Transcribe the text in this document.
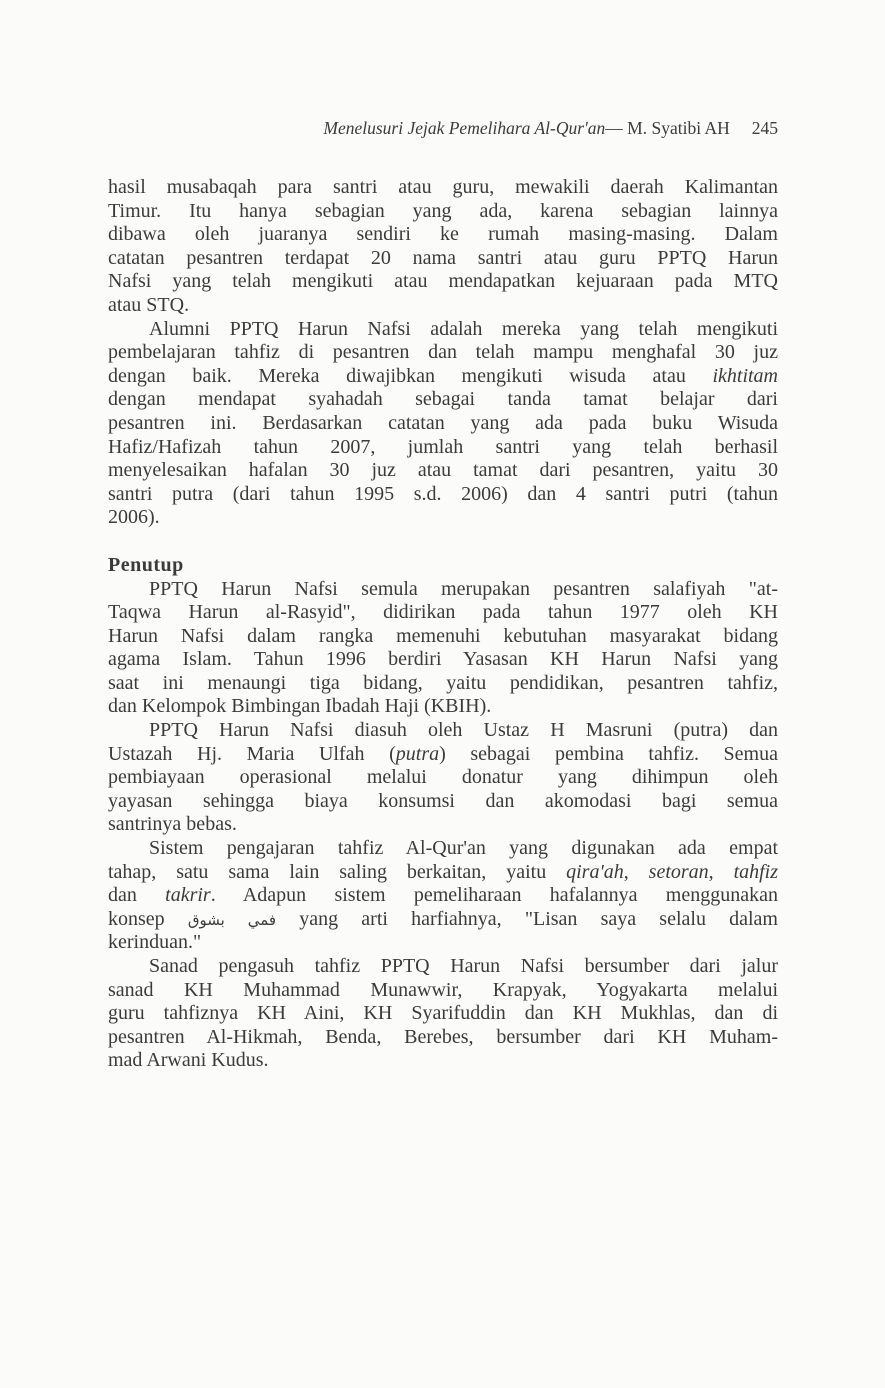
Menelusuri Jejak Pemelihara Al-Qur'an — M. Syatibi AH 245
hasil musabaqah para santri atau guru, mewakili daerah Kalimantan
Timur. Itu hanya sebagian yang ada, karena sebagian lainnya
dibawa oleh juaranya sendiri ke rumah masing-masing. Dalam
catatan pesantren terdapat 20 nama santri atau guru PPTQ Harun
Nafsi yang telah mengikuti atau mendapatkan kejuaraan pada MTQ
atau STQ.
Alumni PPTQ Harun Nafsi adalah mereka yang telah mengikuti
pembelajaran tahfiz di pesantren dan telah mampu menghafal 30 juz
dengan baik. Mereka diwajibkan mengikuti wisuda atau ikhtitam
dengan mendapat syahadah sebagai tanda tamat belajar dari
pesantren ini. Berdasarkan catatan yang ada pada buku Wisuda
Hafiz/Hafizah tahun 2007, jumlah santri yang telah berhasil
menyelesaikan hafalan 30 juz atau tamat dari pesantren, yaitu 30
santri putra (dari tahun 1995 s.d. 2006) dan 4 santri putri (tahun
2006).
Penutup
PPTQ Harun Nafsi semula merupakan pesantren salafiyah "at-
Taqwa Harun al-Rasyid", didirikan pada tahun 1977 oleh KH
Harun Nafsi dalam rangka memenuhi kebutuhan masyarakat bidang
agama Islam. Tahun 1996 berdiri Yasasan KH Harun Nafsi yang
saat ini menaungi tiga bidang, yaitu pendidikan, pesantren tahfiz,
dan Kelompok Bimbingan Ibadah Haji (KBIH).
PPTQ Harun Nafsi diasuh oleh Ustaz H Masruni (putra) dan
Ustazah Hj. Maria Ulfah (putra) sebagai pembina tahfiz. Semua
pembiayaan operasional melalui donatur yang dihimpun oleh
yayasan sehingga biaya konsumsi dan akomodasi bagi semua
santrinya bebas.
Sistem pengajaran tahfiz Al-Qur'an yang digunakan ada empat
tahap, satu sama lain saling berkaitan, yaitu qira'ah, setoran, tahfiz
dan takrir. Adapun sistem pemeliharaan hafalannya menggunakan
konsep فمي بشوق yang arti harfiahnya, "Lisan saya selalu dalam
kerinduan."
Sanad pengasuh tahfiz PPTQ Harun Nafsi bersumber dari jalur
sanad KH Muhammad Munawwir, Krapyak, Yogyakarta melalui
guru tahfiznya KH Aini, KH Syarifuddin dan KH Mukhlas, dan di
pesantren Al-Hikmah, Benda, Berebes, bersumber dari KH Muham-
mad Arwani Kudus.
